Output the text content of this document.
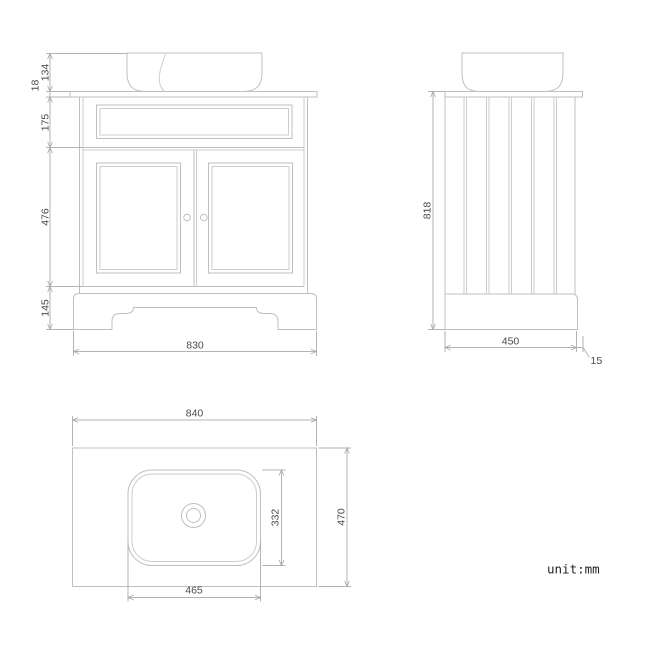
134
18
175
476
145
830
818
450
15
840
332	470
465
unit:mm
